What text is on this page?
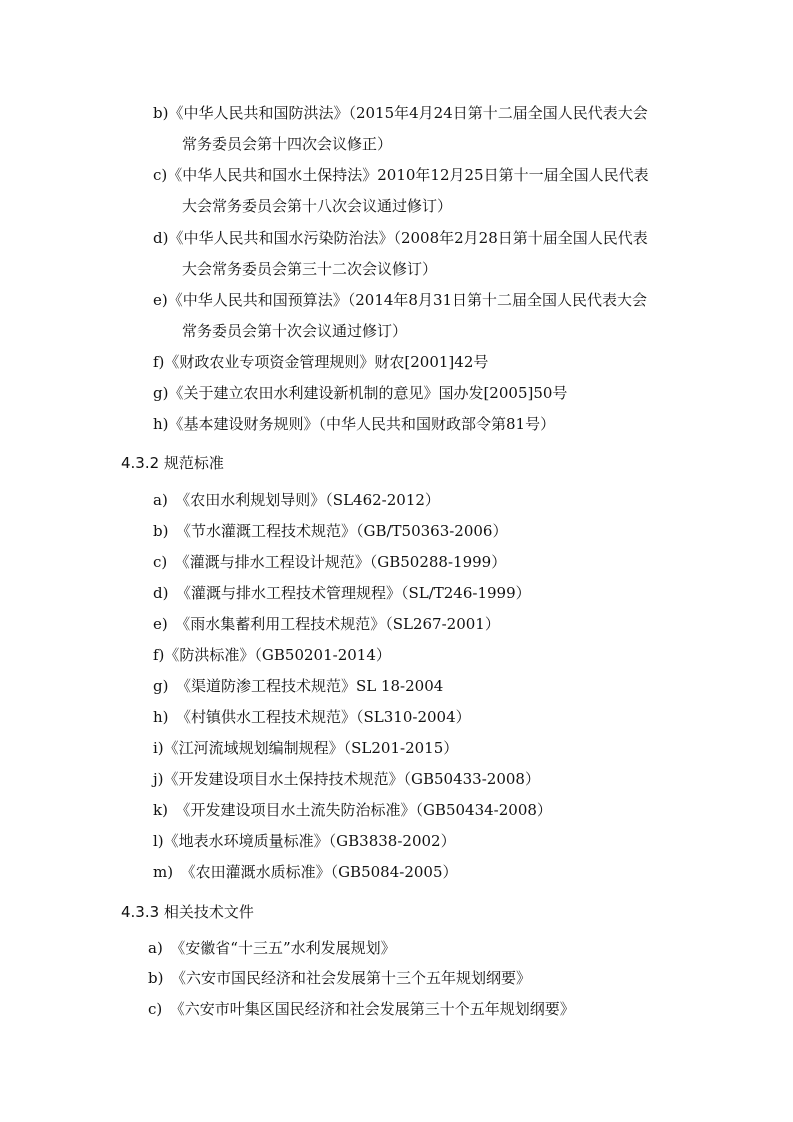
b)《中华人民共和国防洪法》（2015年4月24日第十二届全国人民代表大会
常务委员会第十四次会议修正）
c)《中华人民共和国水土保持法》2010年12月25日第十一届全国人民代表
大会常务委员会第十八次会议通过修订）
d)《中华人民共和国水污染防治法》（2008年2月28日第十届全国人民代表
大会常务委员会第三十二次会议修订）
e)《中华人民共和国预算法》（2014年8月31日第十二届全国人民代表大会
常务委员会第十次会议通过修订）
f)《财政农业专项资金管理规则》财农[2001]42号
g)《关于建立农田水利建设新机制的意见》国办发[2005]50号
h)《基本建设财务规则》（中华人民共和国财政部令第81号）
4.3.2 规范标准
a)　《农田水利规划导则》（SL462-2012）
b)　《节水灌溉工程技术规范》（GB/T50363-2006）
c)　《灌溉与排水工程设计规范》（GB50288-1999）
d)　《灌溉与排水工程技术管理规程》（SL/T246-1999）
e)　《雨水集蓄利用工程技术规范》（SL267-2001）
f)《防洪标准》（GB50201-2014）
g)　《渠道防渗工程技术规范》SL 18-2004
h)　《村镇供水工程技术规范》（SL310-2004）
i)《江河流域规划编制规程》（SL201-2015）
j)《开发建设项目水土保持技术规范》（GB50433-2008）
k)　《开发建设项目水土流失防治标准》（GB50434-2008）
l)《地表水环境质量标准》（GB3838-2002）
m)　《农田灌溉水质标准》（GB5084-2005）
4.3.3 相关技术文件
a)　《安徽省“十三五”水利发展规划》
b)　《六安市国民经济和社会发展第十三个五年规划纲要》
c)　《六安市叶集区国民经济和社会发展第三十个五年规划纲要》
